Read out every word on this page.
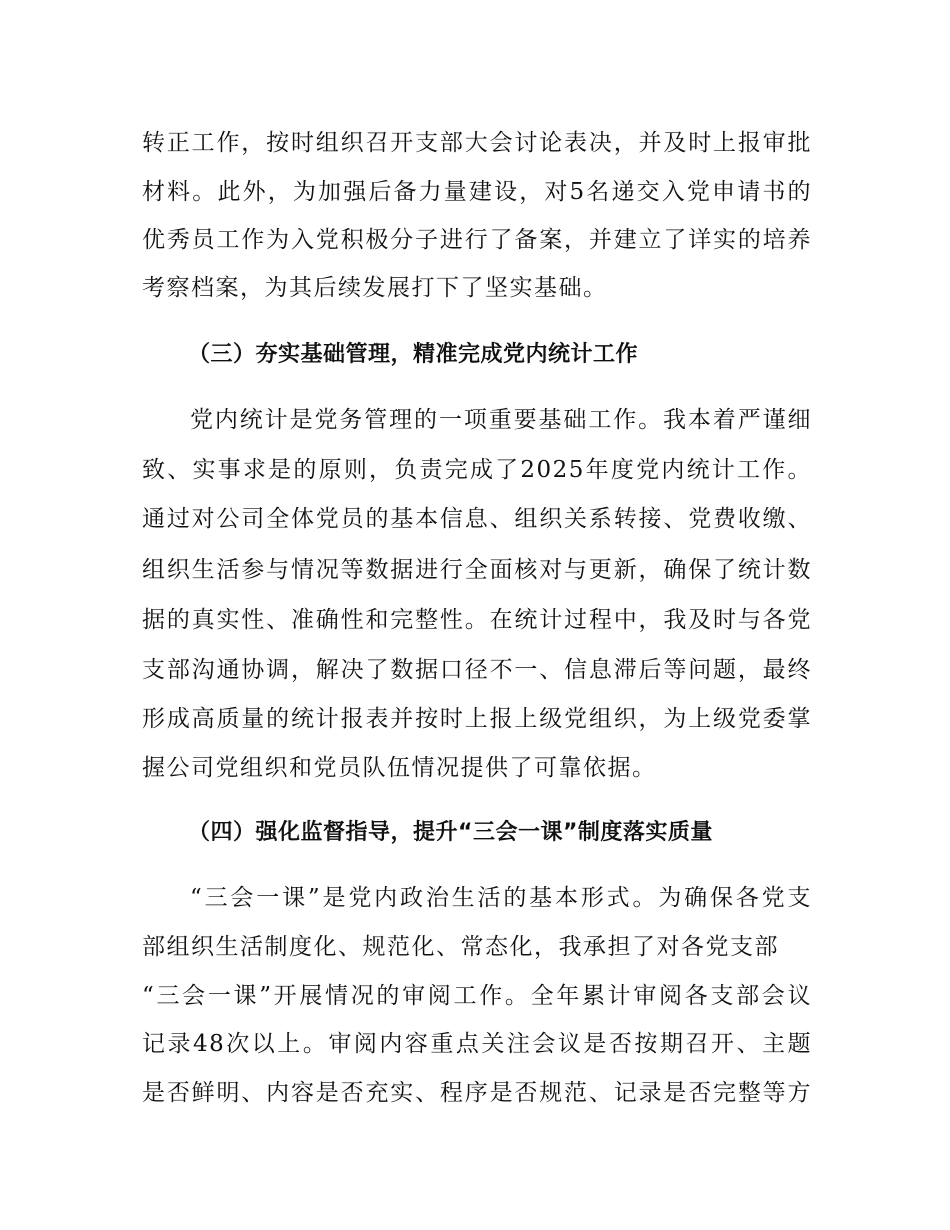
转正工作，按时组织召开支部大会讨论表决，并及时上报审批
材料。此外，为加强后备力量建设，对5名递交入党申请书的
优秀员工作为入党积极分子进行了备案，并建立了详实的培养
考察档案，为其后续发展打下了坚实基础。
（三）夯实基础管理，精准完成党内统计工作
党内统计是党务管理的一项重要基础工作。我本着严谨细
致、实事求是的原则，负责完成了2025年度党内统计工作。
通过对公司全体党员的基本信息、组织关系转接、党费收缴、
组织生活参与情况等数据进行全面核对与更新，确保了统计数
据的真实性、准确性和完整性。在统计过程中，我及时与各党
支部沟通协调，解决了数据口径不一、信息滞后等问题，最终
形成高质量的统计报表并按时上报上级党组织，为上级党委掌
握公司党组织和党员队伍情况提供了可靠依据。
（四）强化监督指导，提升“三会一课”制度落实质量
“三会一课”是党内政治生活的基本形式。为确保各党支
部组织生活制度化、规范化、常态化，我承担了对各党支部
“三会一课”开展情况的审阅工作。全年累计审阅各支部会议
记录48次以上。审阅内容重点关注会议是否按期召开、主题
是否鲜明、内容是否充实、程序是否规范、记录是否完整等方
